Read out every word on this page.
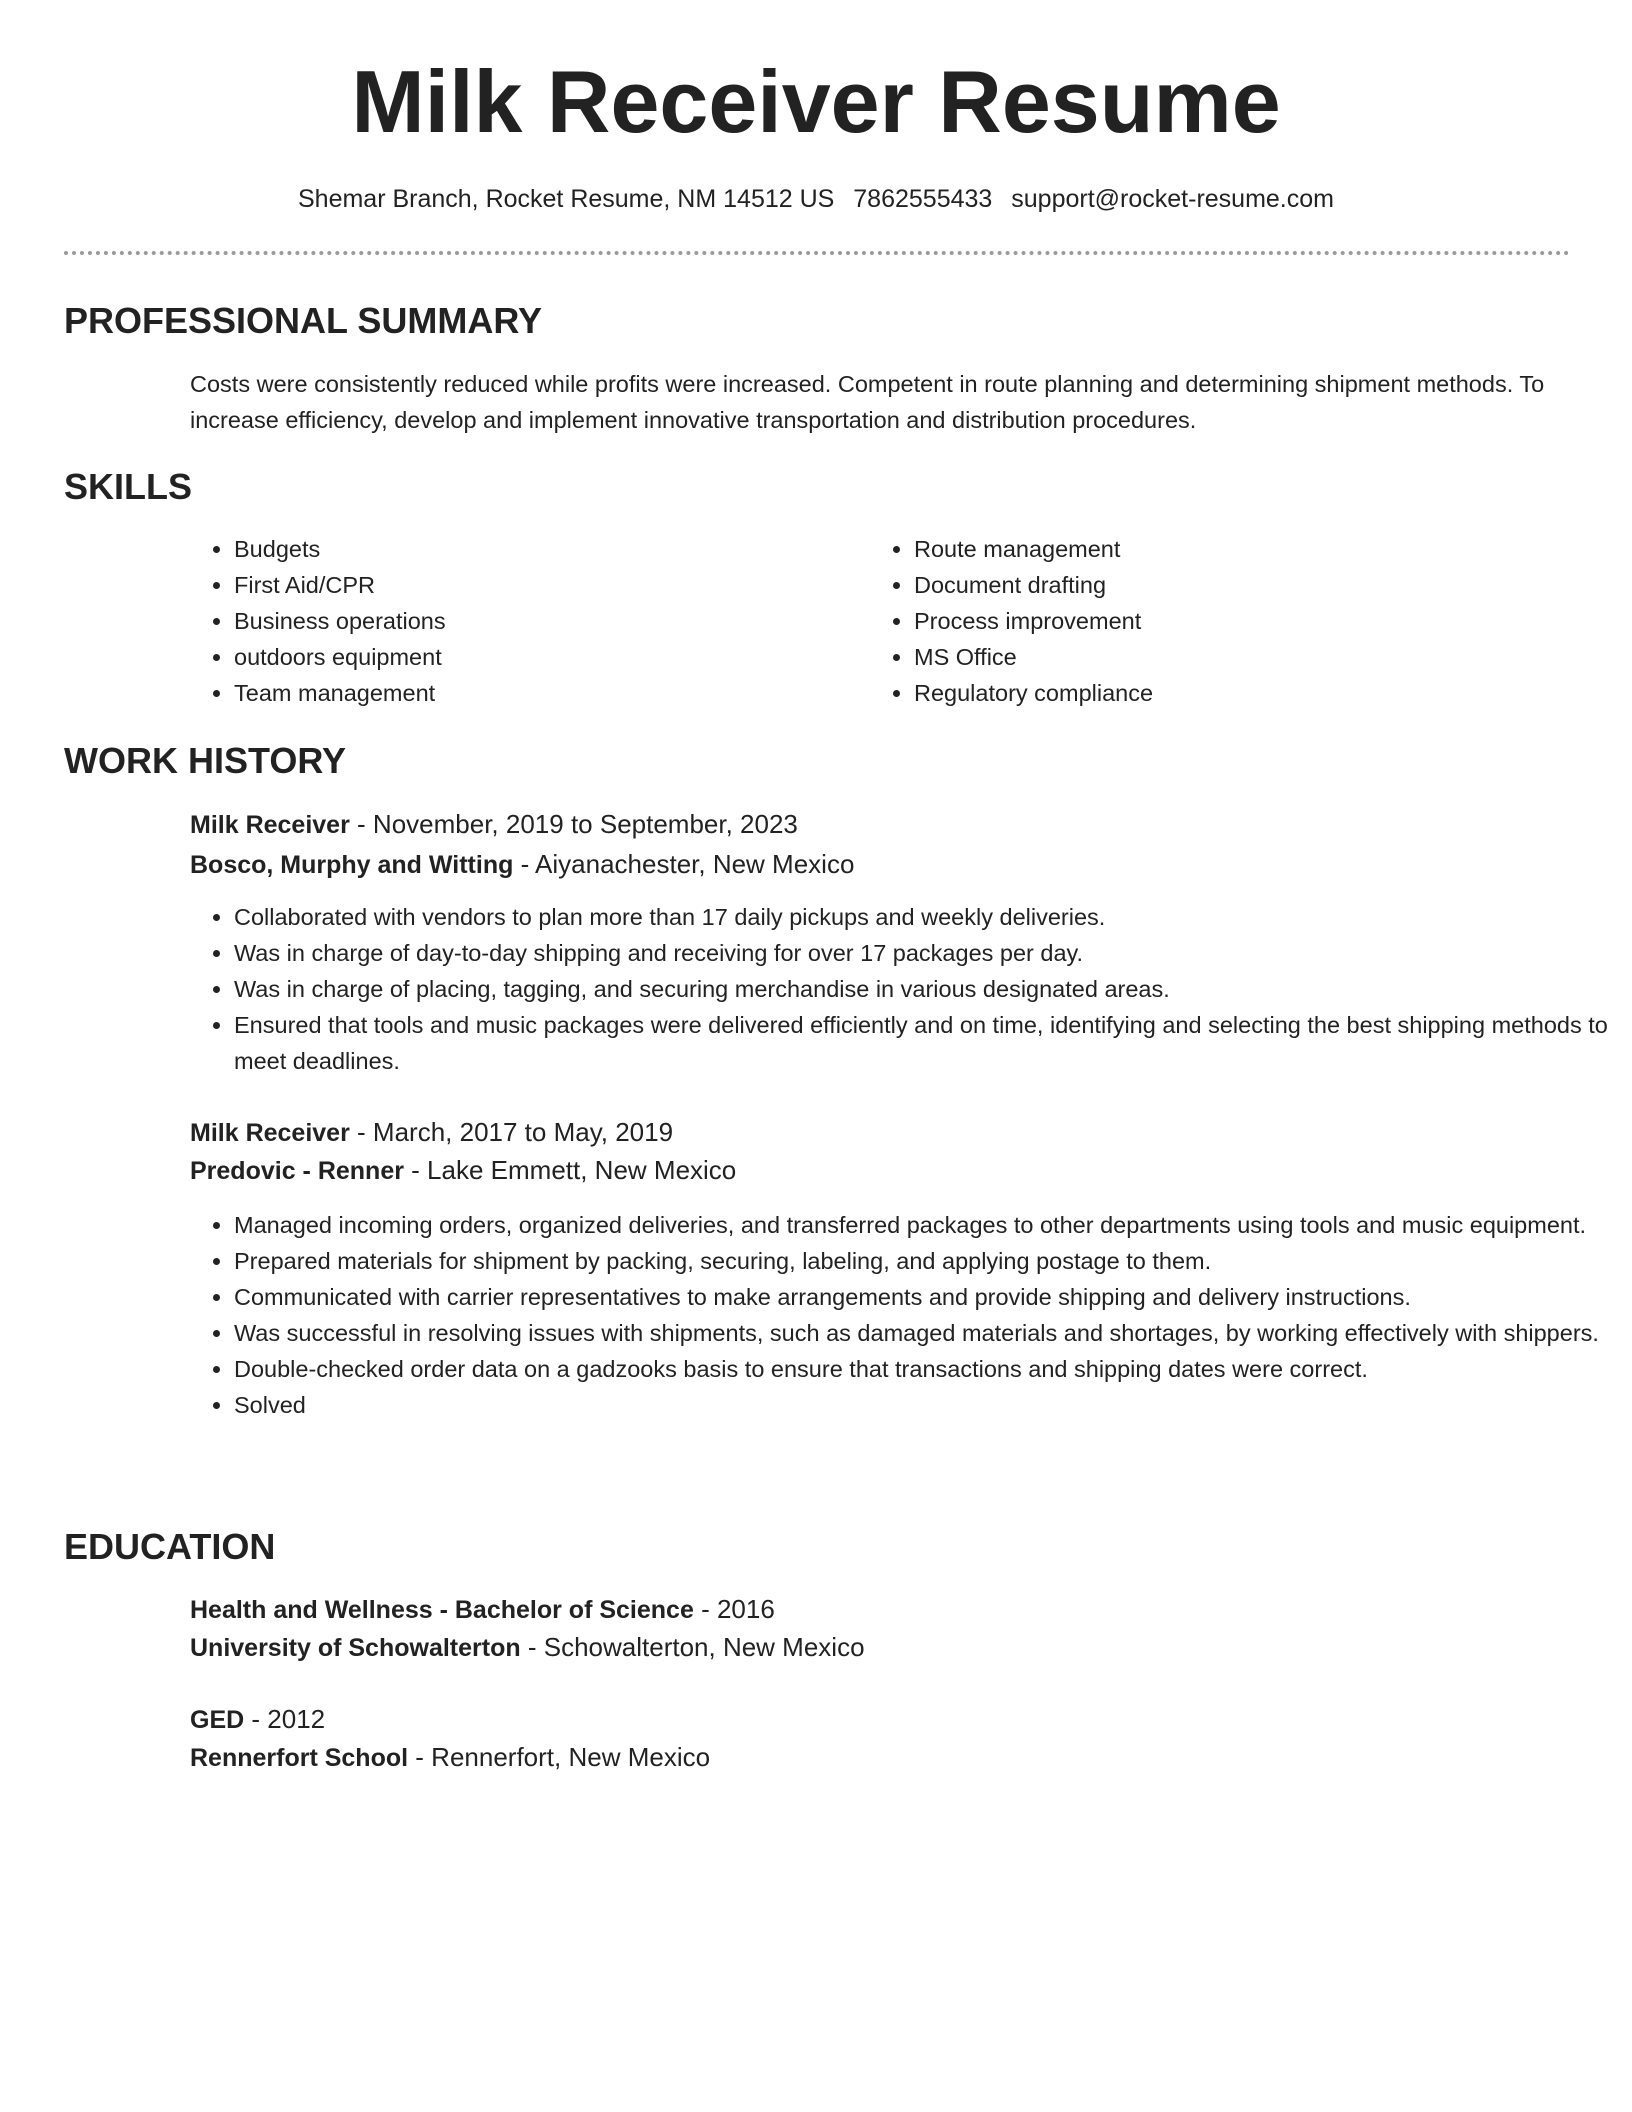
Milk Receiver Resume
Shemar Branch, Rocket Resume, NM 14512 US 7862555433 support@rocket-resume.com
PROFESSIONAL SUMMARY

Costs were consistently reduced while profits were increased. Competent in route planning and determining shipment methods. To increase efficiency, develop and implement innovative transportation and distribution procedures.

SKILLS
• Budgets
• First Aid/CPR
• Business operations
• outdoors equipment
• Team management
• Route management
• Document drafting
• Process improvement
• MS Office
• Regulatory compliance
WORK HISTORY
Milk Receiver - November, 2019 to September, 2023
Bosco, Murphy and Witting - Aiyanachester, New Mexico
• Collaborated with vendors to plan more than 17 daily pickups and weekly deliveries.
• Was in charge of day-to-day shipping and receiving for over 17 packages per day.
• Was in charge of placing, tagging, and securing merchandise in various designated areas.
• Ensured that tools and music packages were delivered efficiently and on time, identifying and selecting the best shipping methods to meet deadlines.
Milk Receiver - March, 2017 to May, 2019
Predovic - Renner - Lake Emmett, New Mexico
• Managed incoming orders, organized deliveries, and transferred packages to other departments using tools and music equipment.
• Prepared materials for shipment by packing, securing, labeling, and applying postage to them.
• Communicated with carrier representatives to make arrangements and provide shipping and delivery instructions.
• Was successful in resolving issues with shipments, such as damaged materials and shortages, by working effectively with shippers.
• Double-checked order data on a gadzooks basis to ensure that transactions and shipping dates were correct.
• Solved
EDUCATION
Health and Wellness - Bachelor of Science - 2016
University of Schowalterton - Schowalterton, New Mexico
GED - 2012
Rennerfort School - Rennerfort, New Mexico
